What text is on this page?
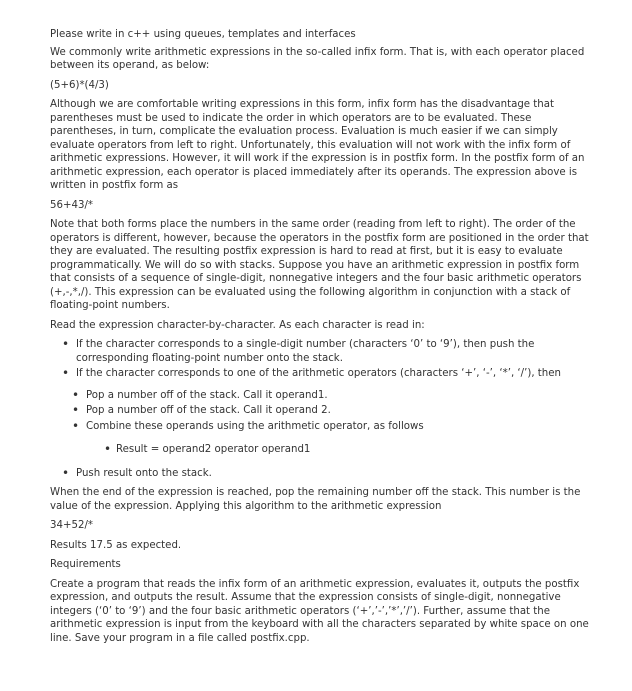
Please write in c++ using queues, templates and interfaces

We commonly write arithmetic expressions in the so-called infix form. That is, with each operator placed between its operand, as below:

(5+6)*(4/3)

Although we are comfortable writing expressions in this form, infix form has the disadvantage that parentheses must be used to indicate the order in which operators are to be evaluated. These parentheses, in turn, complicate the evaluation process. Evaluation is much easier if we can simply evaluate operators from left to right. Unfortunately, this evaluation will not work with the infix form of arithmetic expressions. However, it will work if the expression is in postfix form. In the postfix form of an arithmetic expression, each operator is placed immediately after its operands. The expression above is written in postfix form as

56+43/*

Note that both forms place the numbers in the same order (reading from left to right). The order of the operators is different, however, because the operators in the postfix form are positioned in the order that they are evaluated. The resulting postfix expression is hard to read at first, but it is easy to evaluate programmatically. We will do so with stacks. Suppose you have an arithmetic expression in postfix form that consists of a sequence of single-digit, nonnegative integers and the four basic arithmetic operators (+,-,*,/). This expression can be evaluated using the following algorithm in conjunction with a stack of floating-point numbers.

Read the expression character-by-character. As each character is read in:

• If the character corresponds to a single-digit number (characters ‘0’ to ‘9’), then push the corresponding floating-point number onto the stack.
• If the character corresponds to one of the arithmetic operators (characters ‘+’, ‘-’, ‘*’, ‘/’), then
• Pop a number off of the stack. Call it operand1.
• Pop a number off of the stack. Call it operand 2.
• Combine these operands using the arithmetic operator, as follows
• Result = operand2 operator operand1
• Push result onto the stack.

When the end of the expression is reached, pop the remaining number off the stack. This number is the value of the expression. Applying this algorithm to the arithmetic expression

34+52/*

Results 17.5 as expected.

Requirements

Create a program that reads the infix form of an arithmetic expression, evaluates it, outputs the postfix expression, and outputs the result. Assume that the expression consists of single-digit, nonnegative integers (‘0’ to ‘9’) and the four basic arithmetic operators (‘+’,’-’,’*’,’/’). Further, assume that the arithmetic expression is input from the keyboard with all the characters separated by white space on one line. Save your program in a file called postfix.cpp.
